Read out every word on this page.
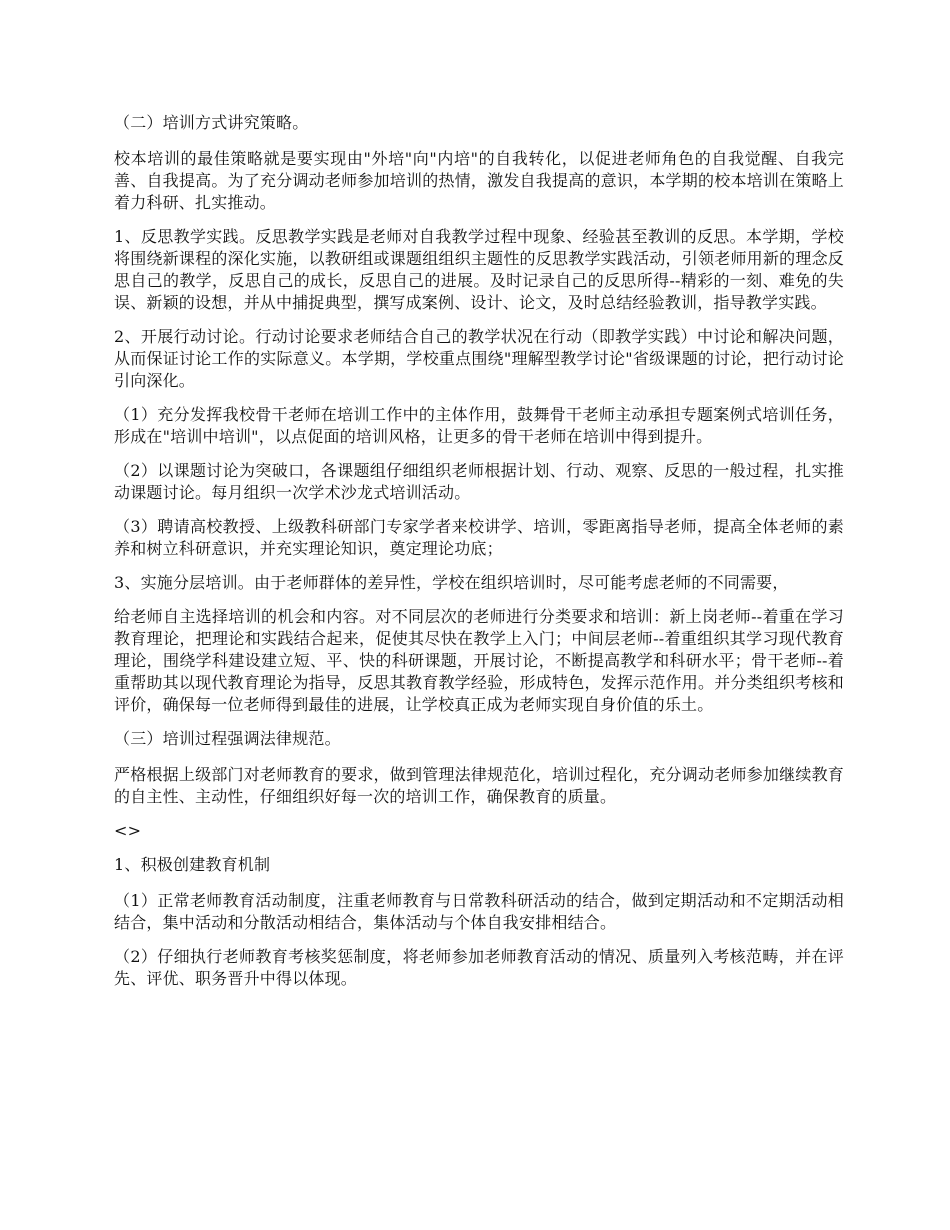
（二）培训方式讲究策略。

校本培训的最佳策略就是要实现由"外培"向"内培"的自我转化，以促进老师角色的自我觉醒、自我完善、自我提高。为了充分调动老师参加培训的热情，激发自我提高的意识，本学期的校本培训在策略上着力科研、扎实推动。

1、反思教学实践。反思教学实践是老师对自我教学过程中现象、经验甚至教训的反思。本学期，学校将围绕新课程的深化实施，以教研组或课题组组织主题性的反思教学实践活动，引领老师用新的理念反思自己的教学，反思自己的成长，反思自己的进展。及时记录自己的反思所得--精彩的一刻、难免的失误、新颖的设想，并从中捕捉典型，撰写成案例、设计、论文，及时总结经验教训，指导教学实践。

2、开展行动讨论。行动讨论要求老师结合自己的教学状况在行动（即教学实践）中讨论和解决问题，从而保证讨论工作的实际意义。本学期，学校重点围绕"理解型教学讨论"省级课题的讨论，把行动讨论引向深化。

（1）充分发挥我校骨干老师在培训工作中的主体作用，鼓舞骨干老师主动承担专题案例式培训任务，形成在"培训中培训"，以点促面的培训风格，让更多的骨干老师在培训中得到提升。

（2）以课题讨论为突破口，各课题组仔细组织老师根据计划、行动、观察、反思的一般过程，扎实推动课题讨论。每月组织一次学术沙龙式培训活动。

（3）聘请高校教授、上级教科研部门专家学者来校讲学、培训，零距离指导老师，提高全体老师的素养和树立科研意识，并充实理论知识，奠定理论功底；

3、实施分层培训。由于老师群体的差异性，学校在组织培训时，尽可能考虑老师的不同需要，

给老师自主选择培训的机会和内容。对不同层次的老师进行分类要求和培训：新上岗老师--着重在学习教育理论，把理论和实践结合起来，促使其尽快在教学上入门；中间层老师--着重组织其学习现代教育理论，围绕学科建设建立短、平、快的科研课题，开展讨论，不断提高教学和科研水平；骨干老师--着重帮助其以现代教育理论为指导，反思其教育教学经验，形成特色，发挥示范作用。并分类组织考核和评价，确保每一位老师得到最佳的进展，让学校真正成为老师实现自身价值的乐土。

（三）培训过程强调法律规范。

严格根据上级部门对老师教育的要求，做到管理法律规范化，培训过程化，充分调动老师参加继续教育的自主性、主动性，仔细组织好每一次的培训工作，确保教育的质量。

<>

1、积极创建教育机制

（1）正常老师教育活动制度，注重老师教育与日常教科研活动的结合，做到定期活动和不定期活动相结合，集中活动和分散活动相结合，集体活动与个体自我安排相结合。

（2）仔细执行老师教育考核奖惩制度，将老师参加老师教育活动的情况、质量列入考核范畴，并在评先、评优、职务晋升中得以体现。
